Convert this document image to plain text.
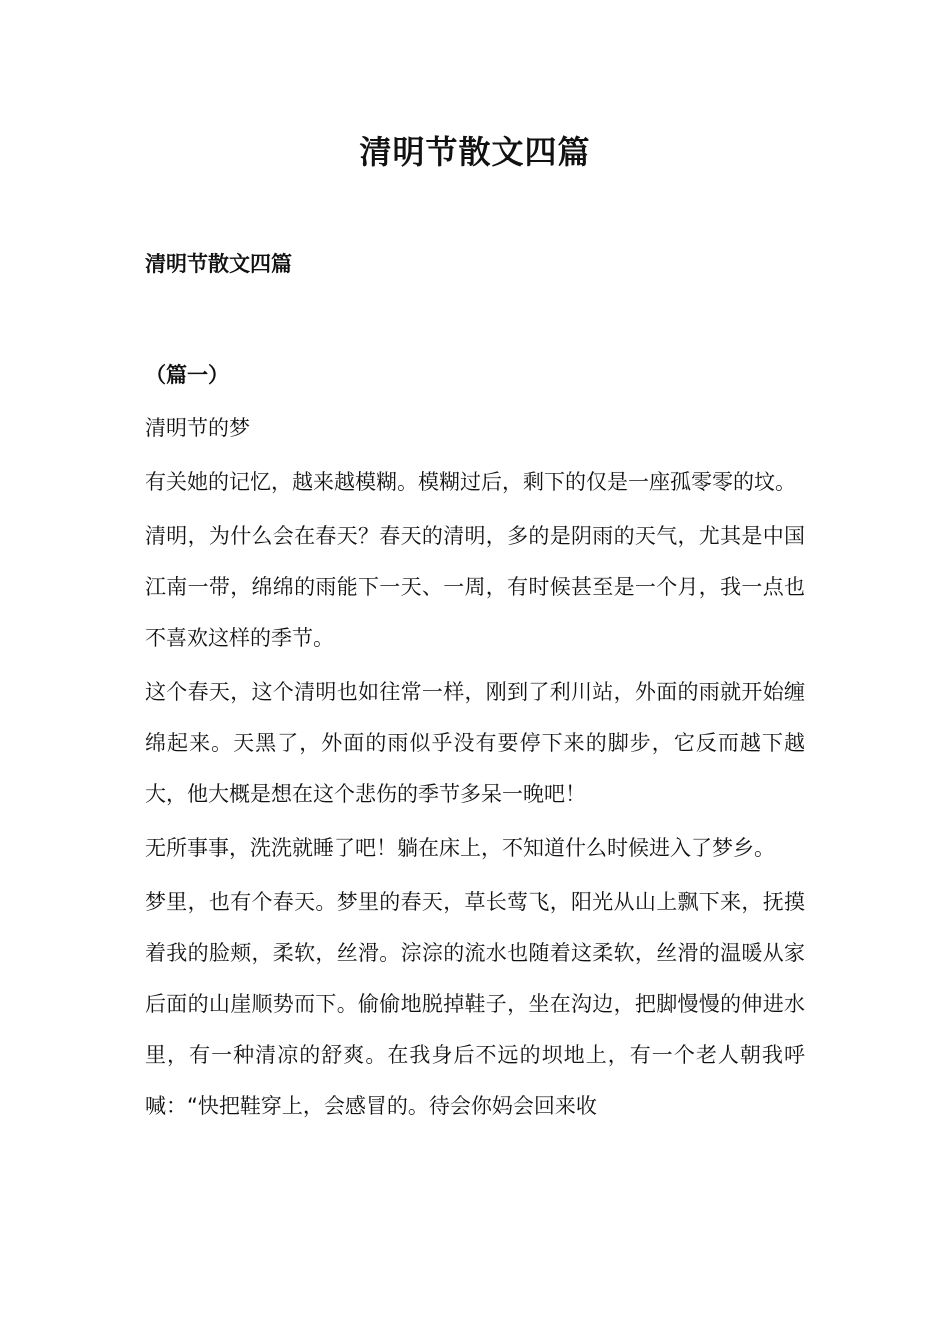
清明节散文四篇

清明节散文四篇

（篇一）

清明节的梦

有关她的记忆，越来越模糊。模糊过后，剩下的仅是一座孤零零的坟。

清明，为什么会在春天？春天的清明，多的是阴雨的天气，尤其是中国江南一带，绵绵的雨能下一天、一周，有时候甚至是一个月，我一点也不喜欢这样的季节。

这个春天，这个清明也如往常一样，刚到了利川站，外面的雨就开始缠绵起来。天黑了，外面的雨似乎没有要停下来的脚步，它反而越下越大，他大概是想在这个悲伤的季节多呆一晚吧！

无所事事，洗洗就睡了吧！躺在床上，不知道什么时候进入了梦乡。

梦里，也有个春天。梦里的春天，草长莺飞，阳光从山上飘下来，抚摸着我的脸颊，柔软，丝滑。淙淙的流水也随着这柔软，丝滑的温暖从家后面的山崖顺势而下。偷偷地脱掉鞋子，坐在沟边，把脚慢慢的伸进水里，有一种清凉的舒爽。在我身后不远的坝地上，有一个老人朝我呼喊：“快把鞋穿上，会感冒的。待会你妈会回来收
